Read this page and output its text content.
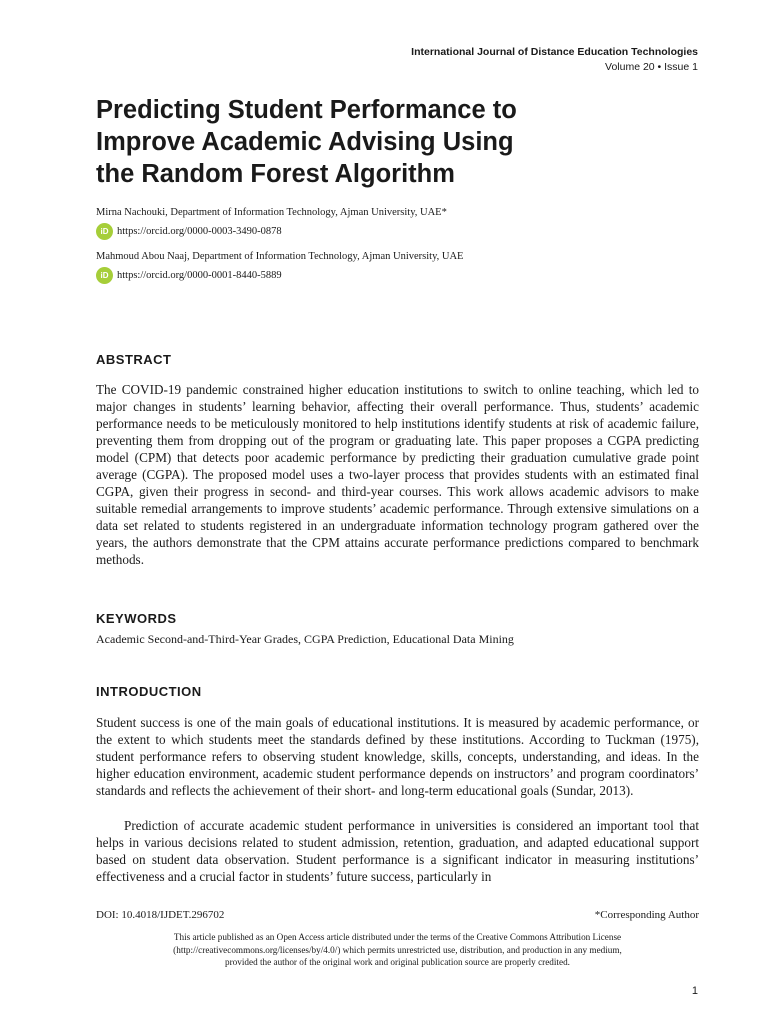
International Journal of Distance Education Technologies
Volume 20 • Issue 1
Predicting Student Performance to
Improve Academic Advising Using
the Random Forest Algorithm
Mirna Nachouki, Department of Information Technology, Ajman University, UAE*
iD https://orcid.org/0000-0003-3490-0878
Mahmoud Abou Naaj, Department of Information Technology, Ajman University, UAE
iD https://orcid.org/0000-0001-8440-5889
ABSTRACT

The COVID-19 pandemic constrained higher education institutions to switch to online teaching, which led to major changes in students’ learning behavior, affecting their overall performance. Thus, students’ academic performance needs to be meticulously monitored to help institutions identify students at risk of academic failure, preventing them from dropping out of the program or graduating late. This paper proposes a CGPA predicting model (CPM) that detects poor academic performance by predicting their graduation cumulative grade point average (CGPA). The proposed model uses a two-layer process that provides students with an estimated final CGPA, given their progress in second- and third-year courses. This work allows academic advisors to make suitable remedial arrangements to improve students’ academic performance. Through extensive simulations on a data set related to students registered in an undergraduate information technology program gathered over the years, the authors demonstrate that the CPM attains accurate performance predictions compared to benchmark methods.

KEYWORDS
Academic Second-and-Third-Year Grades, CGPA Prediction, Educational Data Mining
INTRODUCTION

Student success is one of the main goals of educational institutions. It is measured by academic performance, or the extent to which students meet the standards defined by these institutions. According to Tuckman (1975), student performance refers to observing student knowledge, skills, concepts, understanding, and ideas. In the higher education environment, academic student performance depends on instructors’ and program coordinators’ standards and reflects the achievement of their short- and long-term educational goals (Sundar, 2013).

Prediction of accurate academic student performance in universities is considered an important tool that helps in various decisions related to student admission, retention, graduation, and adapted educational support based on student data observation. Student performance is a significant indicator in measuring institutions’ effectiveness and a crucial factor in students’ future success, particularly in

DOI: 10.4018/IJDET.296702	*Corresponding Author

This article published as an Open Access article distributed under the terms of the Creative Commons Attribution License
(http://creativecommons.org/licenses/by/4.0/) which permits unrestricted use, distribution, and production in any medium,
provided the author of the original work and original publication source are properly credited.

1
